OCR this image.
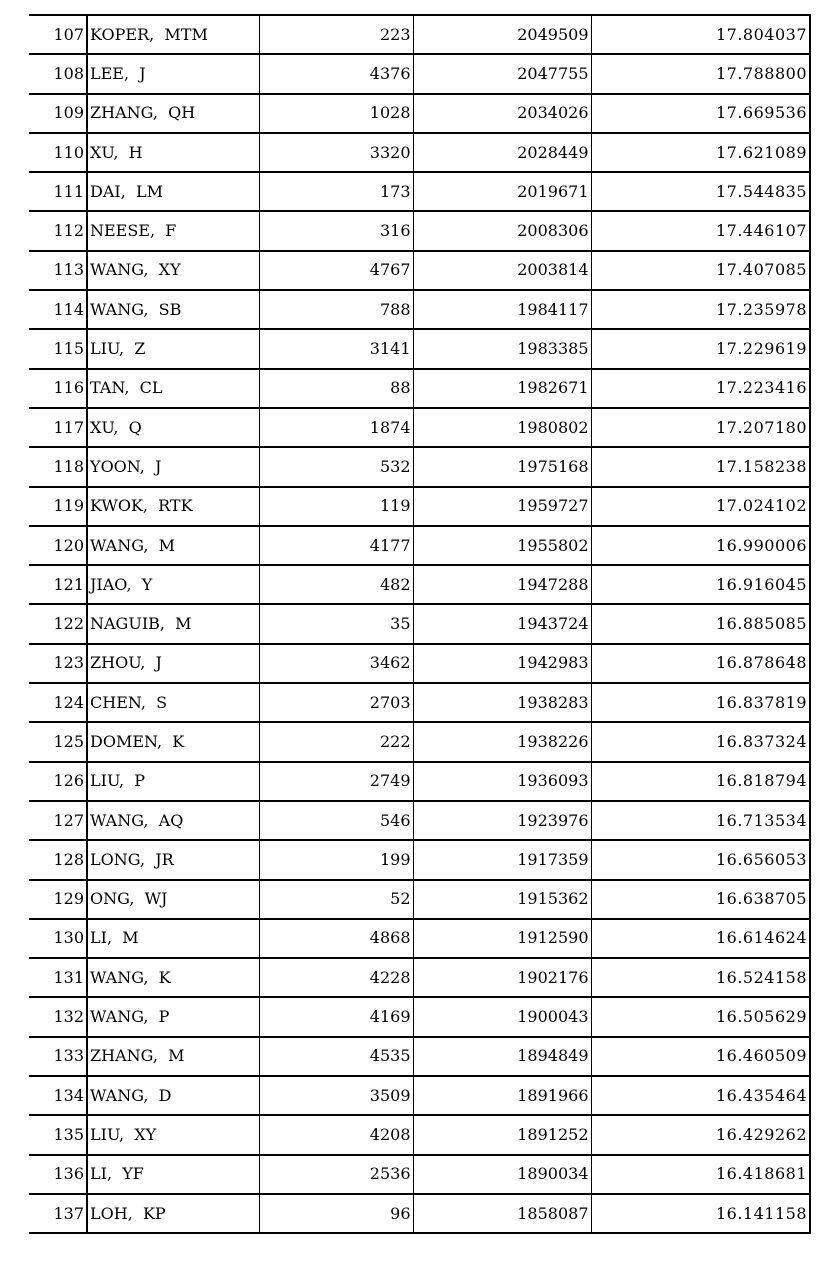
107	KOPER,  MTM	223	2049509	17.804037
108	LEE,  J	4376	2047755	17.788800
109	ZHANG,  QH	1028	2034026	17.669536
110	XU,  H	3320	2028449	17.621089
111	DAI,  LM	173	2019671	17.544835
112	NEESE,  F	316	2008306	17.446107
113	WANG,  XY	4767	2003814	17.407085
114	WANG,  SB	788	1984117	17.235978
115	LIU,  Z	3141	1983385	17.229619
116	TAN,  CL	88	1982671	17.223416
117	XU,  Q	1874	1980802	17.207180
118	YOON,  J	532	1975168	17.158238
119	KWOK,  RTK	119	1959727	17.024102
120	WANG,  M	4177	1955802	16.990006
121	JIAO,  Y	482	1947288	16.916045
122	NAGUIB,  M	35	1943724	16.885085
123	ZHOU,  J	3462	1942983	16.878648
124	CHEN,  S	2703	1938283	16.837819
125	DOMEN,  K	222	1938226	16.837324
126	LIU,  P	2749	1936093	16.818794
127	WANG,  AQ	546	1923976	16.713534
128	LONG,  JR	199	1917359	16.656053
129	ONG,  WJ	52	1915362	16.638705
130	LI,  M	4868	1912590	16.614624
131	WANG,  K	4228	1902176	16.524158
132	WANG,  P	4169	1900043	16.505629
133	ZHANG,  M	4535	1894849	16.460509
134	WANG,  D	3509	1891966	16.435464
135	LIU,  XY	4208	1891252	16.429262
136	LI,  YF	2536	1890034	16.418681
137	LOH,  KP	96	1858087	16.141158
